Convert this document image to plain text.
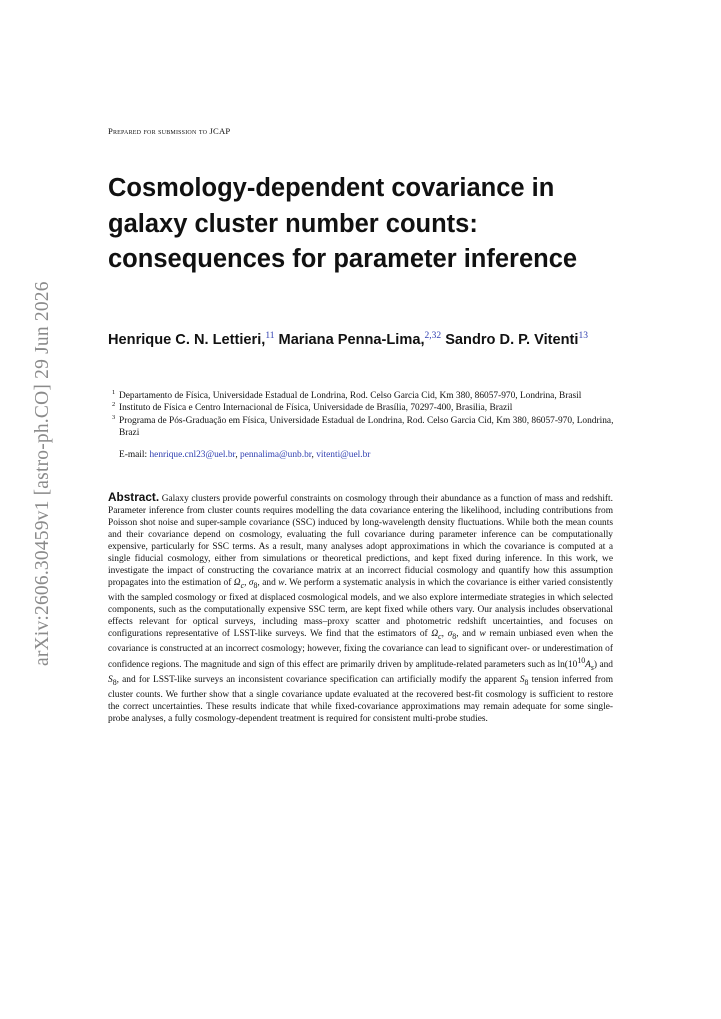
arXiv:2606.30459v1 [astro-ph.CO] 29 Jun 2026
Prepared for submission to JCAP
Cosmology-dependent covariance in galaxy cluster number counts: consequences for parameter inference

Henrique C. N. Lettieri,$^{11}$ Mariana Penna-Lima,$^{2,32}$ Sandro D. P. Vitenti$^{13}$

1 Departamento de Física, Universidade Estadual de Londrina, Rod. Celso Garcia Cid, Km 380, 86057-970, Londrina, Brasil
2 Instituto de Física e Centro Internacional de Física, Universidade de Brasília, 70297-400, Brasilia, Brazil
3 Programa de Pós-Graduação em Física, Universidade Estadual de Londrina, Rod. Celso Garcia Cid, Km 380, 86057-970, Londrina, Brazi
E-mail: henrique.cnl23@uel.br, pennalima@unb.br, vitenti@uel.br

Abstract. Galaxy clusters provide powerful constraints on cosmology through their abundance as a function of mass and redshift. Parameter inference from cluster counts requires modelling the data covariance entering the likelihood, including contributions from Poisson shot noise and super-sample covariance (SSC) induced by long-wavelength density fluctuations. While both the mean counts and their covariance depend on cosmology, evaluating the full covariance during parameter inference can be computationally expensive, particularly for SSC terms. As a result, many analyses adopt approximations in which the covariance is computed at a single fiducial cosmology, either from simulations or theoretical predictions, and kept fixed during inference. In this work, we investigate the impact of constructing the covariance matrix at an incorrect fiducial cosmology and quantify how this assumption propagates into the estimation of $\Omega_c$, $\sigma_8$, and w. We perform a systematic analysis in which the covariance is either varied consistently with the sampled cosmology or fixed at displaced cosmological models, and we also explore intermediate strategies in which selected components, such as the computationally expensive SSC term, are kept fixed while others vary. Our analysis includes observational effects relevant for optical surveys, including mass–proxy scatter and photometric redshift uncertainties, and focuses on configurations representative of LSST-like surveys. We find that the estimators of $\Omega_c$, $\sigma_8$, and w remain unbiased even when the covariance is constructed at an incorrect cosmology; however, fixing the covariance can lead to significant over- or underestimation of confidence regions. The magnitude and sign of this effect are primarily driven by amplitude-related parameters such as $\ln(10^{10}A_s)$ and $S_8$, and for LSST-like surveys an inconsistent covariance specification can artificially modify the apparent $S_8$ tension inferred from cluster counts. We further show that a single covariance update evaluated at the recovered best-fit cosmology is sufficient to restore the correct uncertainties. These results indicate that while fixed-covariance approximations may remain adequate for some single-probe analyses, a fully cosmology-dependent treatment is required for consistent multi-probe studies.
